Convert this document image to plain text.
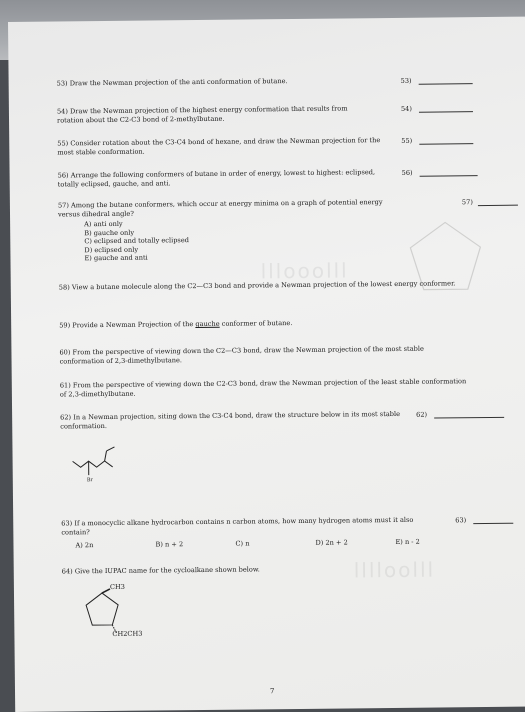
lllooolll
lllloolll
53) Draw the Newman projection of the anti conformation of butane.	53)
54) Draw the Newman projection of the highest energy conformation that results from rotation about the C2-C3 bond of 2-methylbutane.
54)
55) Consider rotation about the C3-C4 bond of hexane, and draw the Newman projection for the most stable conformation.
55)
56) Arrange the following conformers of butane in order of energy, lowest to highest: eclipsed, totally eclipsed, gauche, and anti.
56)
57) Among the butane conformers, which occur at energy minima on a graph of potential energy versus dihedral angle?
57)
A) anti only
B) gauche only
C) eclipsed and totally eclipsed
D) eclipsed only
E) gauche and anti
58) View a butane molecule along the C2—C3 bond and provide a Newman projection of the lowest energy conformer.
59) Provide a Newman Projection of the gauche conformer of butane.
60) From the perspective of viewing down the C2—C3 bond, draw the Newman projection of the most stable conformation of 2,3-dimethylbutane.
61) From the perspective of viewing down the C2-C3 bond, draw the Newman projection of the least stable conformation of 2,3-dimethylbutane.
62) In a Newman projection, siting down the C3-C4 bond, draw the structure below in its most stable conformation.
62)
Br
63) If a monocyclic alkane hydrocarbon contains n carbon atoms, how many hydrogen atoms must it also contain?
63)
A) 2n	B) n + 2	C) n	D) 2n + 2	E) n - 2
64) Give the IUPAC name for the cycloalkane shown below.
CH3
CH2CH3
7
